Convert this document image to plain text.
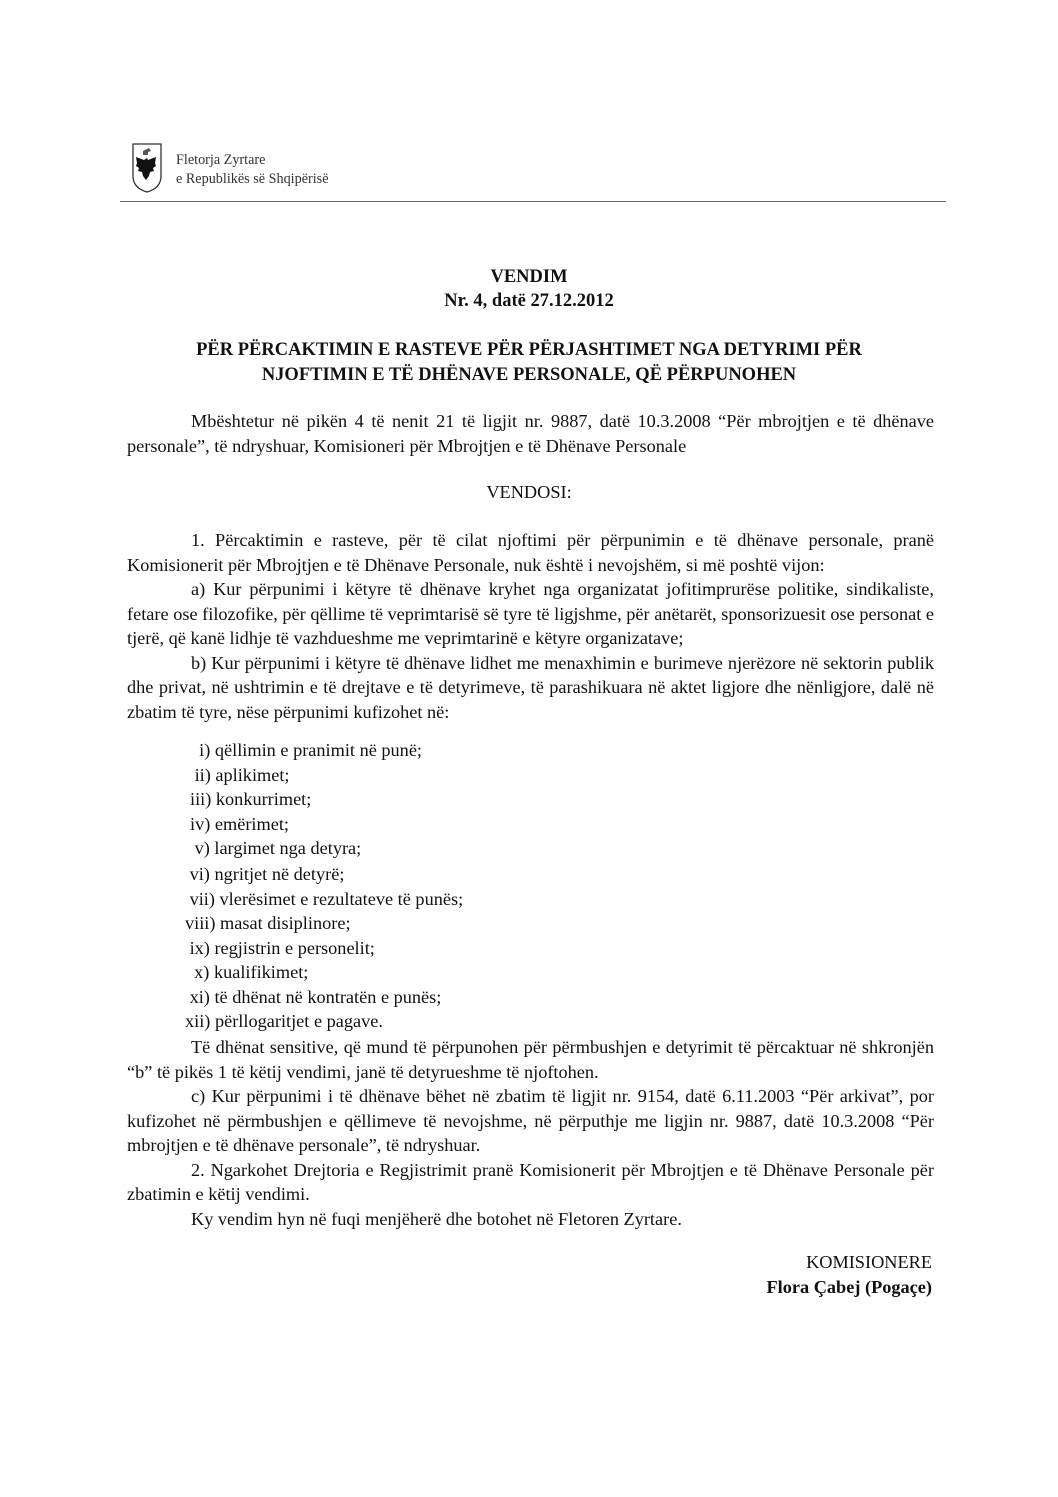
Fletorja Zyrtare
e Republikës së Shqipërisë
VENDIM
Nr. 4, datë 27.12.2012
PËR PËRCAKTIMIN E RASTEVE PËR PËRJASHTIMET NGA DETYRIMI PËR
NJOFTIMIN E TË DHËNAVE PERSONALE, QË PËRPUNOHEN

Mbështetur në pikën 4 të nenit 21 të ligjit nr. 9887, datë 10.3.2008 “Për mbrojtjen e të dhënave personale”, të ndryshuar, Komisioneri për Mbrojtjen e të Dhënave Personale

VENDOSI:

1. Përcaktimin e rasteve, për të cilat njoftimi për përpunimin e të dhënave personale, pranë Komisionerit për Mbrojtjen e të Dhënave Personale, nuk është i nevojshëm, si më poshtë vijon:

a) Kur përpunimi i këtyre të dhënave kryhet nga organizatat jofitimprurëse politike, sindikaliste, fetare ose filozofike, për qëllime të veprimtarisë së tyre të ligjshme, për anëtarët, sponsorizuesit ose personat e tjerë, që kanë lidhje të vazhdueshme me veprimtarinë e këtyre organizatave;

b) Kur përpunimi i këtyre të dhënave lidhet me menaxhimin e burimeve njerëzore në sektorin publik dhe privat, në ushtrimin e të drejtave e të detyrimeve, të parashikuara në aktet ligjore dhe nënligjore, dalë në zbatim të tyre, nëse përpunimi kufizohet në:

i) qëllimin e pranimit në punë;
ii) aplikimet;
iii) konkurrimet;
iv) emërimet;
v) largimet nga detyra;
vi) ngritjet në detyrë;
vii) vlerësimet e rezultateve të punës;
viii) masat disiplinore;
ix) regjistrin e personelit;
x) kualifikimet;
xi) të dhënat në kontratën e punës;
xii) përllogaritjet e pagave.

Të dhënat sensitive, që mund të përpunohen për përmbushjen e detyrimit të përcaktuar në shkronjën “b” të pikës 1 të këtij vendimi, janë të detyrueshme të njoftohen.

c) Kur përpunimi i të dhënave bëhet në zbatim të ligjit nr. 9154, datë 6.11.2003 “Për arkivat”, por kufizohet në përmbushjen e qëllimeve të nevojshme, në përputhje me ligjin nr. 9887, datë 10.3.2008 “Për mbrojtjen e të dhënave personale”, të ndryshuar.

2. Ngarkohet Drejtoria e Regjistrimit pranë Komisionerit për Mbrojtjen e të Dhënave Personale për zbatimin e këtij vendimi.

Ky vendim hyn në fuqi menjëherë dhe botohet në Fletoren Zyrtare.

KOMISIONERE
Flora Çabej (Pogaçe)
